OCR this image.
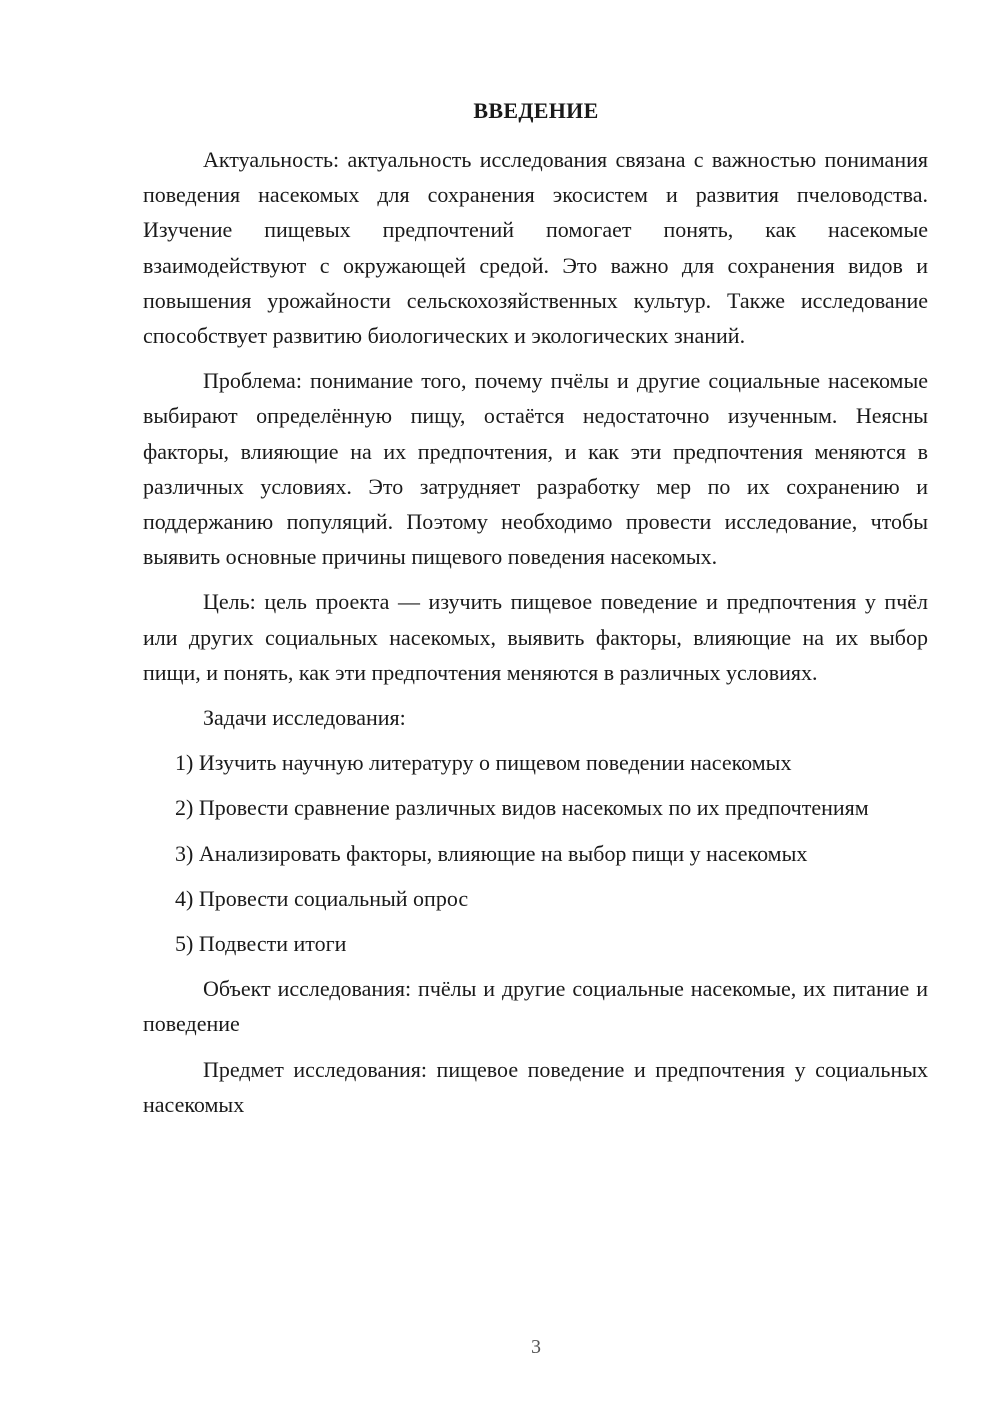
ВВЕДЕНИЕ

Актуальность: актуальность исследования связана с важностью понимания поведения насекомых для сохранения экосистем и развития пчеловодства. Изучение пищевых предпочтений помогает понять, как насекомые взаимодействуют с окружающей средой. Это важно для сохранения видов и повышения урожайности сельскохозяйственных культур. Также исследование способствует развитию биологических и экологических знаний.

Проблема: понимание того, почему пчёлы и другие социальные насекомые выбирают определённую пищу, остаётся недостаточно изученным. Неясны факторы, влияющие на их предпочтения, и как эти предпочтения меняются в различных условиях. Это затрудняет разработку мер по их сохранению и поддержанию популяций. Поэтому необходимо провести исследование, чтобы выявить основные причины пищевого поведения насекомых.

Цель: цель проекта — изучить пищевое поведение и предпочтения у пчёл или других социальных насекомых, выявить факторы, влияющие на их выбор пищи, и понять, как эти предпочтения меняются в различных условиях.

Задачи исследования:

1) Изучить научную литературу о пищевом поведении насекомых

2) Провести сравнение различных видов насекомых по их предпочтениям

3) Анализировать факторы, влияющие на выбор пищи у насекомых

4) Провести социальный опрос

5) Подвести итоги

Объект исследования: пчёлы и другие социальные насекомые, их питание и поведение

Предмет исследования: пищевое поведение и предпочтения у социальных насекомых

3
